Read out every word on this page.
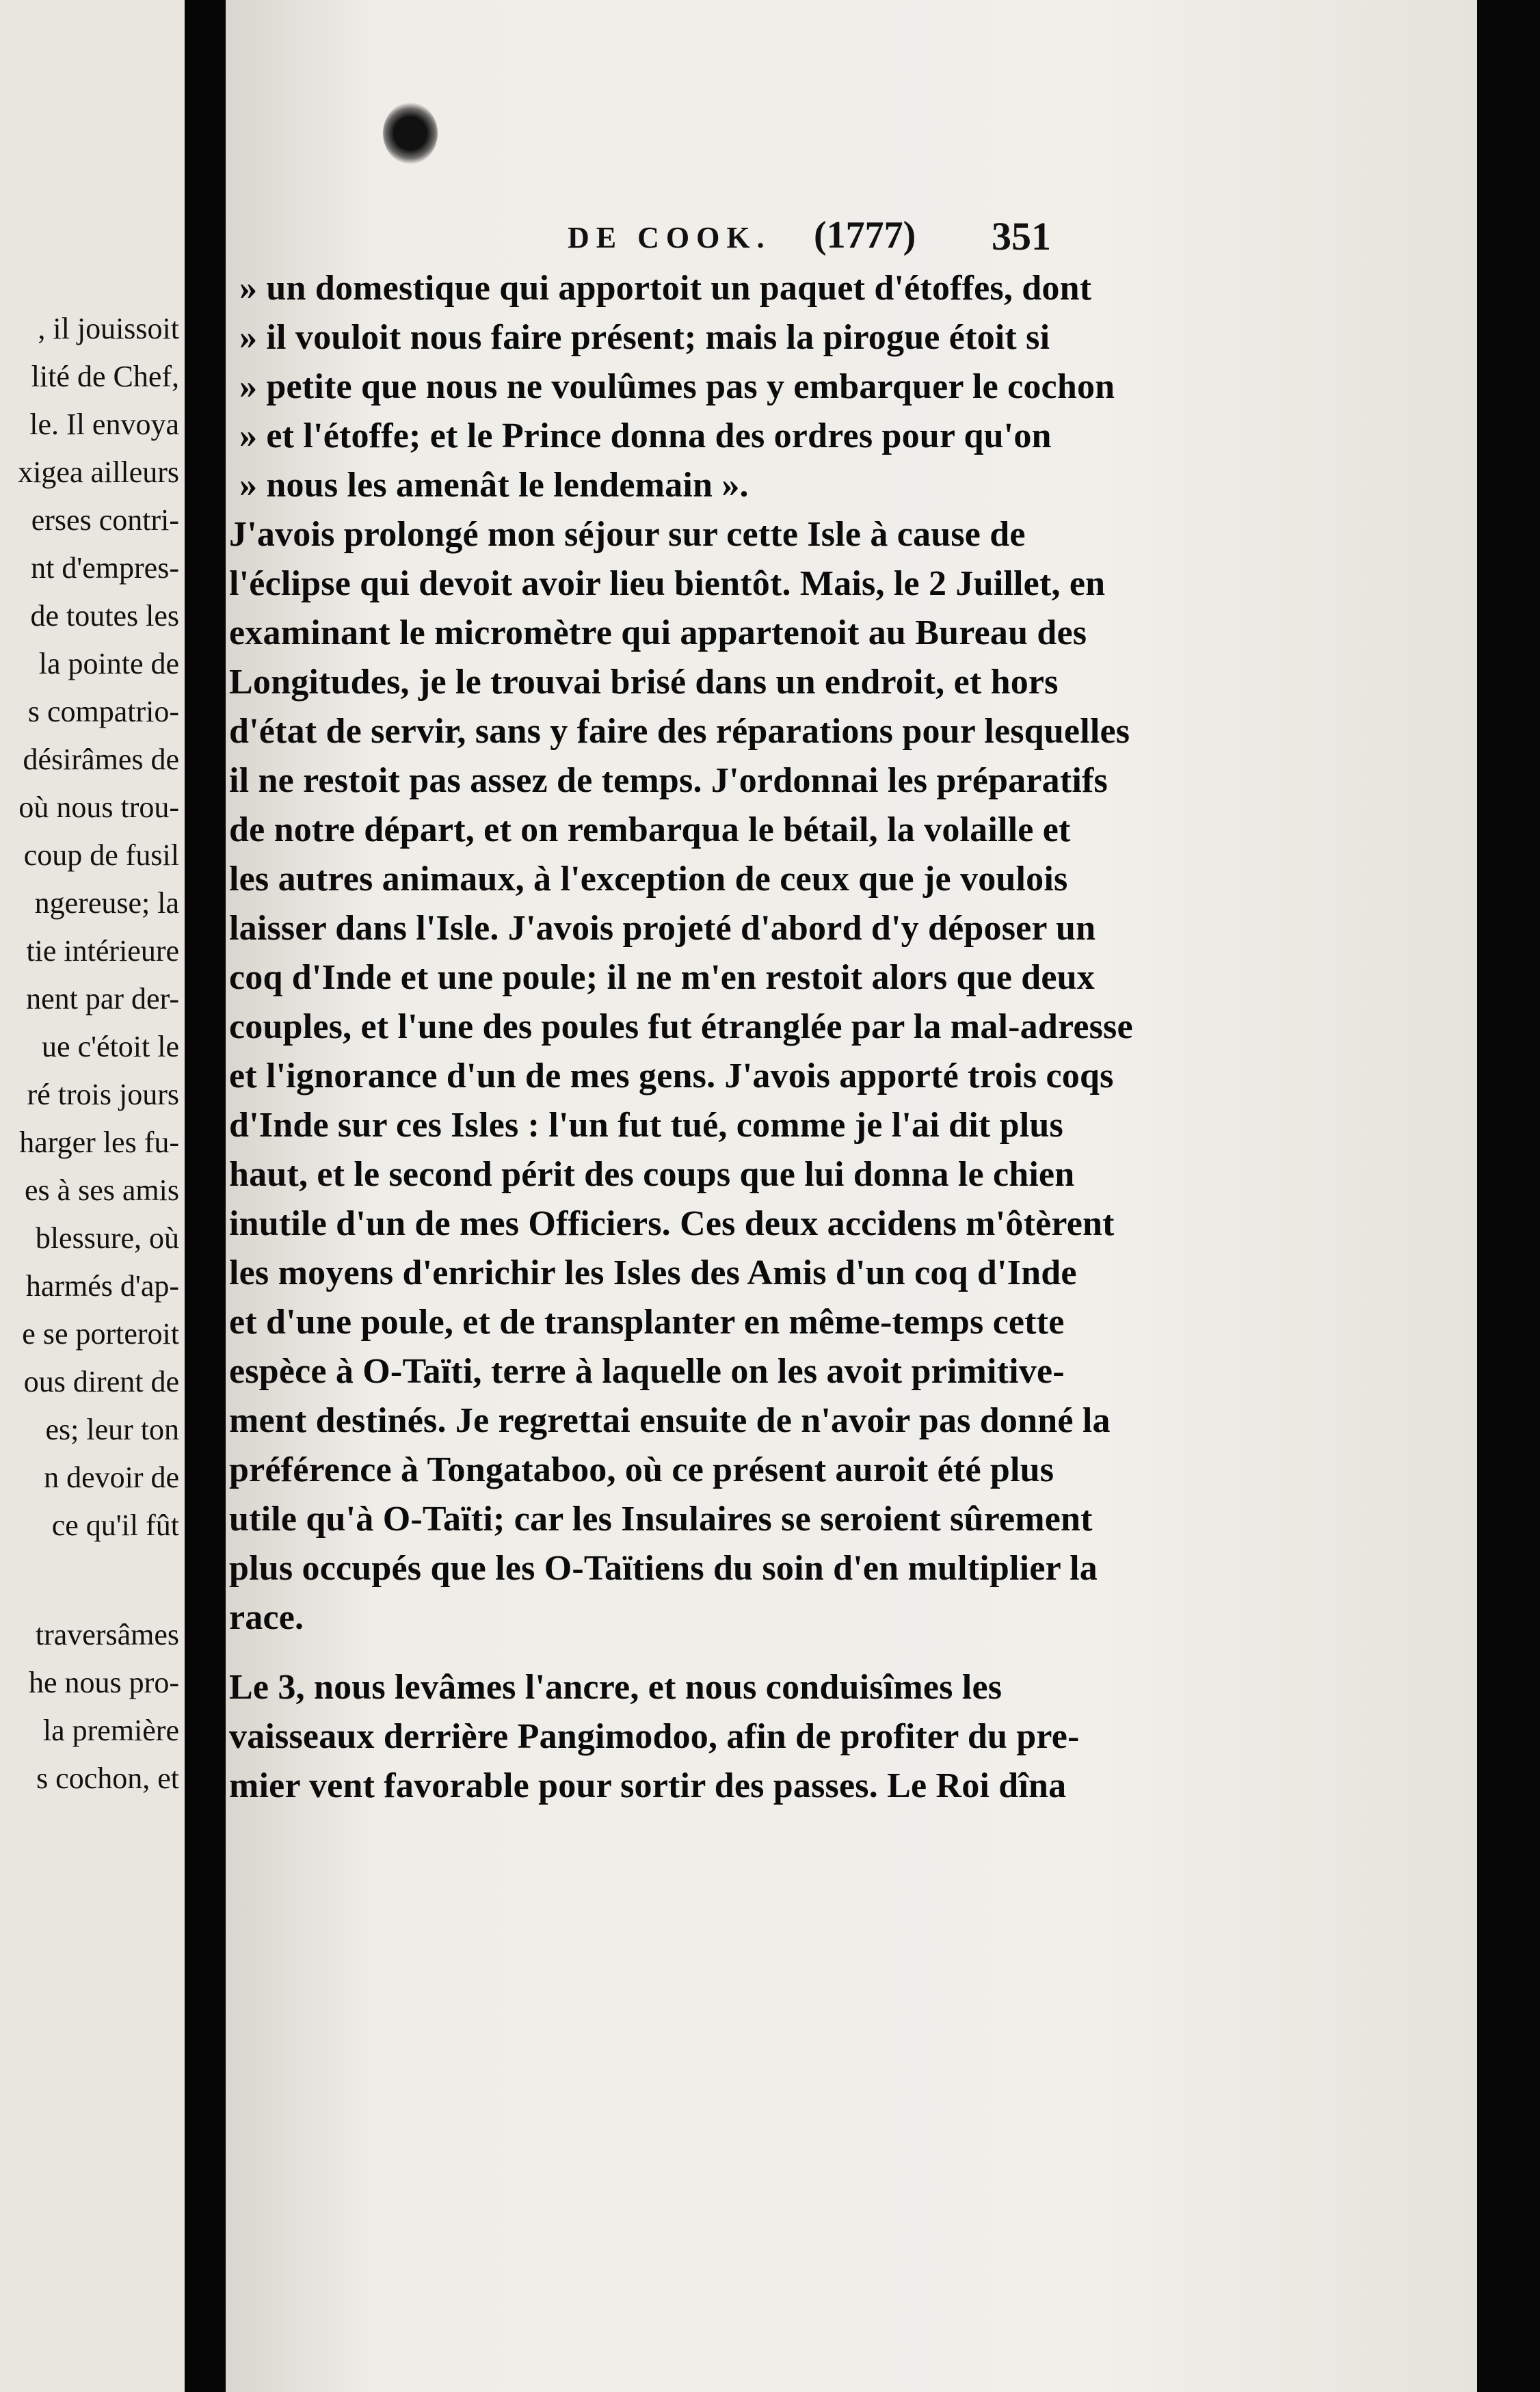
, il jouissoit
lité de Chef,
le. Il envoya
xigea ailleurs
erses contri-
nt d'empres-
de toutes les
la pointe de
s compatrio-
désirâmes de
où nous trou-
coup de fusil
ngereuse; la
tie intérieure
nent par der-
ue c'étoit le
ré trois jours
harger les fu-
es à ses amis
blessure, où
harmés d'ap-
e se porteroit
ous dirent de
es; leur ton
n devoir de
ce qu'il fût
traversâmes
he nous pro-
la première
s cochon, et
DE COOK. (1777) 351
» un domestique qui apportoit un paquet d'étoffes, dont
» il vouloit nous faire présent; mais la pirogue étoit si
» petite que nous ne voulûmes pas y embarquer le cochon
» et l'étoffe; et le Prince donna des ordres pour qu'on
» nous les amenât le lendemain ».
J'avois prolongé mon séjour sur cette Isle à cause de
l'éclipse qui devoit avoir lieu bientôt. Mais, le 2 Juillet, en
examinant le micromètre qui appartenoit au Bureau des
Longitudes, je le trouvai brisé dans un endroit, et hors
d'état de servir, sans y faire des réparations pour lesquelles
il ne restoit pas assez de temps. J'ordonnai les préparatifs
de notre départ, et on rembarqua le bétail, la volaille et
les autres animaux, à l'exception de ceux que je voulois
laisser dans l'Isle. J'avois projeté d'abord d'y déposer un
coq d'Inde et une poule; il ne m'en restoit alors que deux
couples, et l'une des poules fut étranglée par la mal-adresse
et l'ignorance d'un de mes gens. J'avois apporté trois coqs
d'Inde sur ces Isles : l'un fut tué, comme je l'ai dit plus
haut, et le second périt des coups que lui donna le chien
inutile d'un de mes Officiers. Ces deux accidens m'ôtèrent
les moyens d'enrichir les Isles des Amis d'un coq d'Inde
et d'une poule, et de transplanter en même-temps cette
espèce à O-Taïti, terre à laquelle on les avoit primitive-
ment destinés. Je regrettai ensuite de n'avoir pas donné la
préférence à Tongataboo, où ce présent auroit été plus
utile qu'à O-Taïti; car les Insulaires se seroient sûrement
plus occupés que les O-Taïtiens du soin d'en multiplier la
race.
Le 3, nous levâmes l'ancre, et nous conduisîmes les
vaisseaux derrière Pangimodoo, afin de profiter du pre-
mier vent favorable pour sortir des passes. Le Roi dîna
